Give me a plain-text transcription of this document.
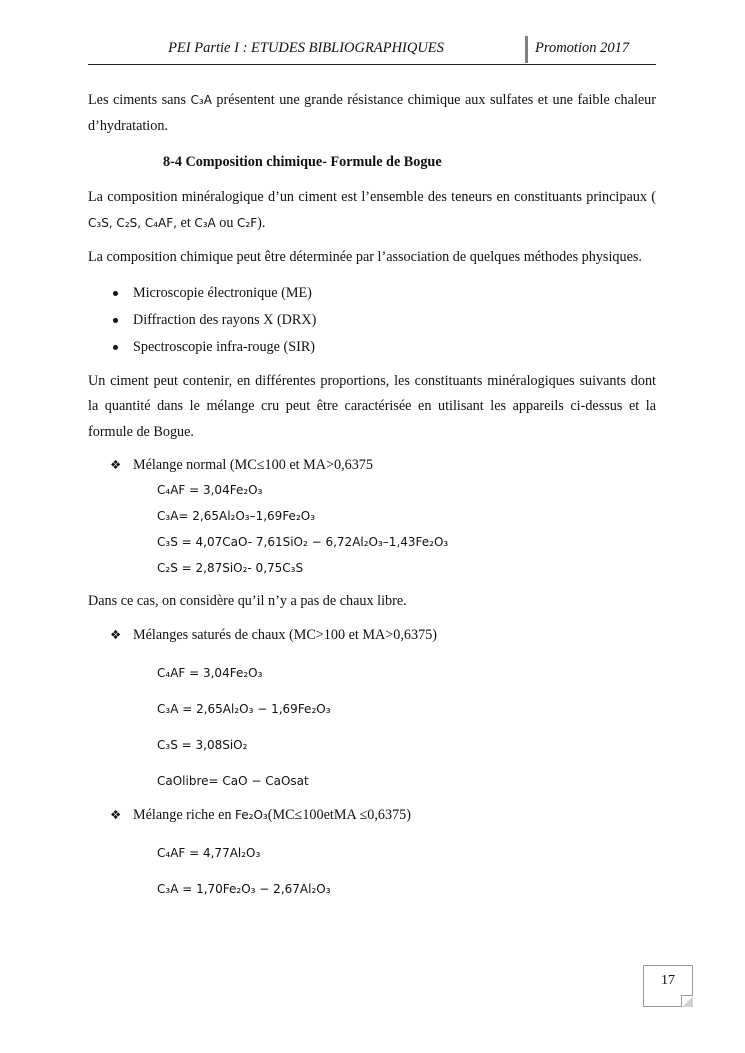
PEI Partie I : ETUDES BIBLIOGRAPHIQUES	Promotion 2017

Les ciments sans C₃A présentent une grande résistance chimique aux sulfates et une faible chaleur d’hydratation.

8-4 Composition chimique- Formule de Bogue

La composition minéralogique d’un ciment est l’ensemble des teneurs en constituants principaux ( C₃S, C₂S, C₄AF, et C₃A ou C₂F).

La composition chimique peut être déterminée par l’association de quelques méthodes physiques.

Microscopie électronique (ME)
Diffraction des rayons X (DRX)
Spectroscopie infra-rouge (SIR)

Un ciment peut contenir, en différentes proportions, les constituants minéralogiques suivants dont la quantité dans le mélange cru peut être caractérisée en utilisant les appareils ci-dessus et la formule de Bogue.

❖ Mélange normal (MC≤100 et MA>0,6375
C₄AF = 3,04Fe₂O₃
C₃A= 2,65Al₂O₃–1,69Fe₂O₃
C₃S = 4,07CaO- 7,61SiO₂ − 6,72Al₂O₃–1,43Fe₂O₃
C₂S = 2,87SiO₂- 0,75C₃S

Dans ce cas, on considère qu’il n’y a pas de chaux libre.

❖ Mélanges saturés de chaux (MC>100 et MA>0,6375)
C₄AF = 3,04Fe₂O₃
C₃A = 2,65Al₂O₃ − 1,69Fe₂O₃
C₃S = 3,08SiO₂
CaOlibre= CaO − CaOsat
❖ Mélange riche en Fe₂O₃(MC≤100etMA ≤0,6375)
C₄AF = 4,77Al₂O₃
C₃A = 1,70Fe₂O₃ − 2,67Al₂O₃
17
